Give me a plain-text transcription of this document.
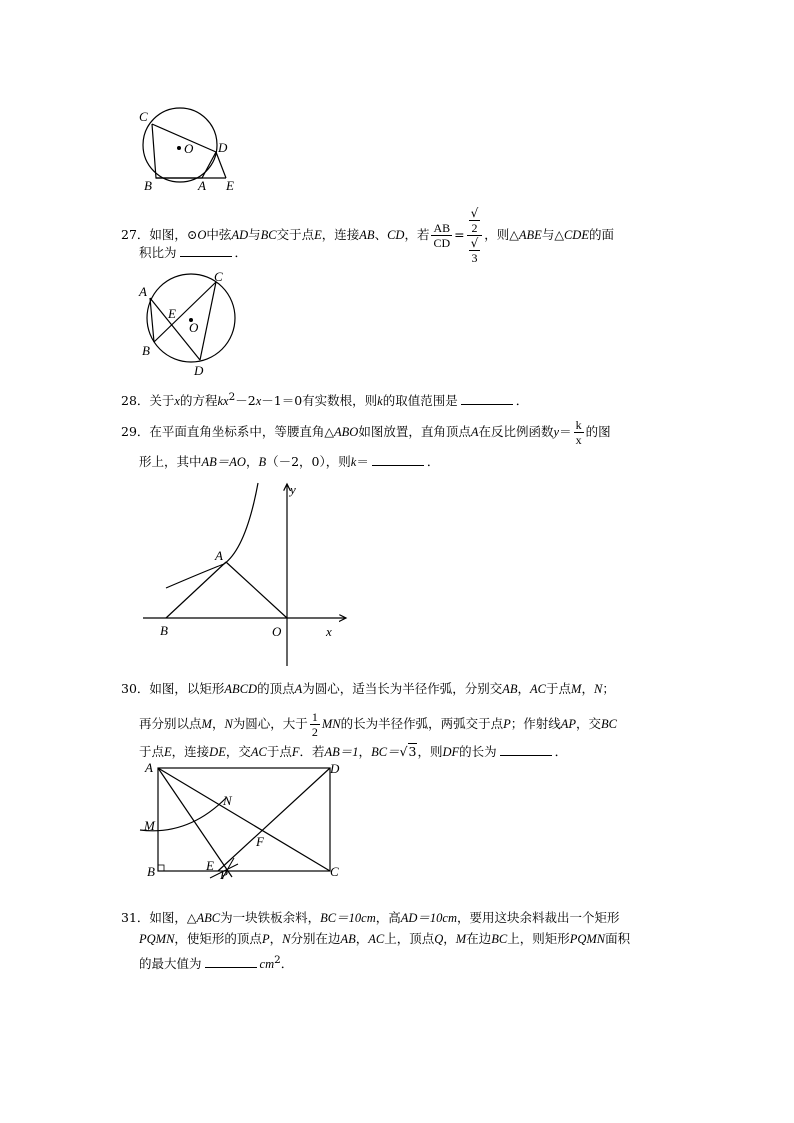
C
O D
B	A E
27．如图，⊙O中弦AD与BC交于点E，连接AB、CD，若 $\frac{AB}{CD}$ = √
2
√
3 ，则△ABE与△CDE的面
积比为	．
A
C
E
O
B
D
28．关于x的方程$kx^2-2x-1=0$有实数根，则k的取值范围是	．
29．在平面直角坐标系中，等腰直角△ABO如图放置，直角顶点A在反比例函数$y= \frac{k}{x}$ 的图
形上，其中AB＝AO，B（－2，0），则k＝	．
y
A
B	O	x
30．如图，以矩形ABCD的顶点A为圆心，适当长为半径作弧，分别交AB，AC于点M，N；
再分别以点M，N为圆心，大于 $\frac{1}{2}$ MN的长为半径作弧，两弧交于点P；作射线AP，交BC
于点E，连接DE，交AC于点F．若AB＝1，BC＝√3，则DF的长为	．
A	D
N
M
F
B	E	C
P
31．如图，△ABC为一块铁板余料，BC＝10cm，高AD＝10cm，要用这块余料裁出一个矩形
PQMN，使矩形的顶点P，N分别在边AB，AC上，顶点Q，M在边BC上，则矩形PQMN面积
的最大值为	$cm^2$．
